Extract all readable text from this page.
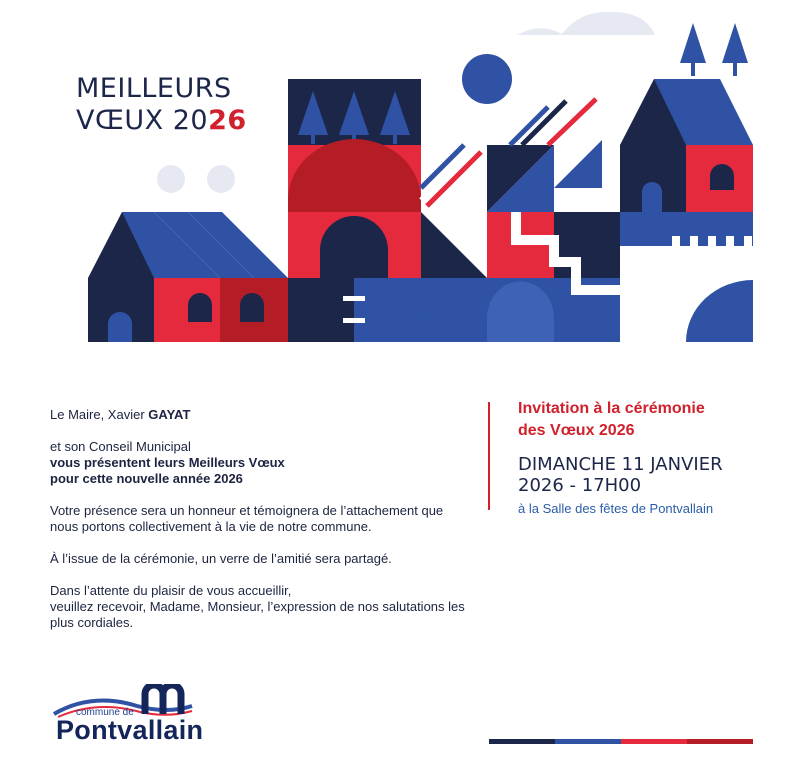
MEILLEURS
VŒUX 2026

Le Maire, Xavier GAYAT

et son Conseil Municipal
vous présentent leurs Meilleurs Vœux
pour cette nouvelle année 2026

Votre présence sera un honneur et témoignera de l’attachement que nous portons collectivement à la vie de notre commune.

À l’issue de la cérémonie, un verre de l’amitié sera partagé.

Dans l’attente du plaisir de vous accueillir,
veuillez recevoir, Madame, Monsieur, l’expression de nos salutations les plus cordiales.

Invitation à la cérémonie
des Vœux 2026
DIMANCHE 11 JANVIER
2026 - 17H00
à la Salle des fêtes de Pontvallain
commune de
Pontvallain
